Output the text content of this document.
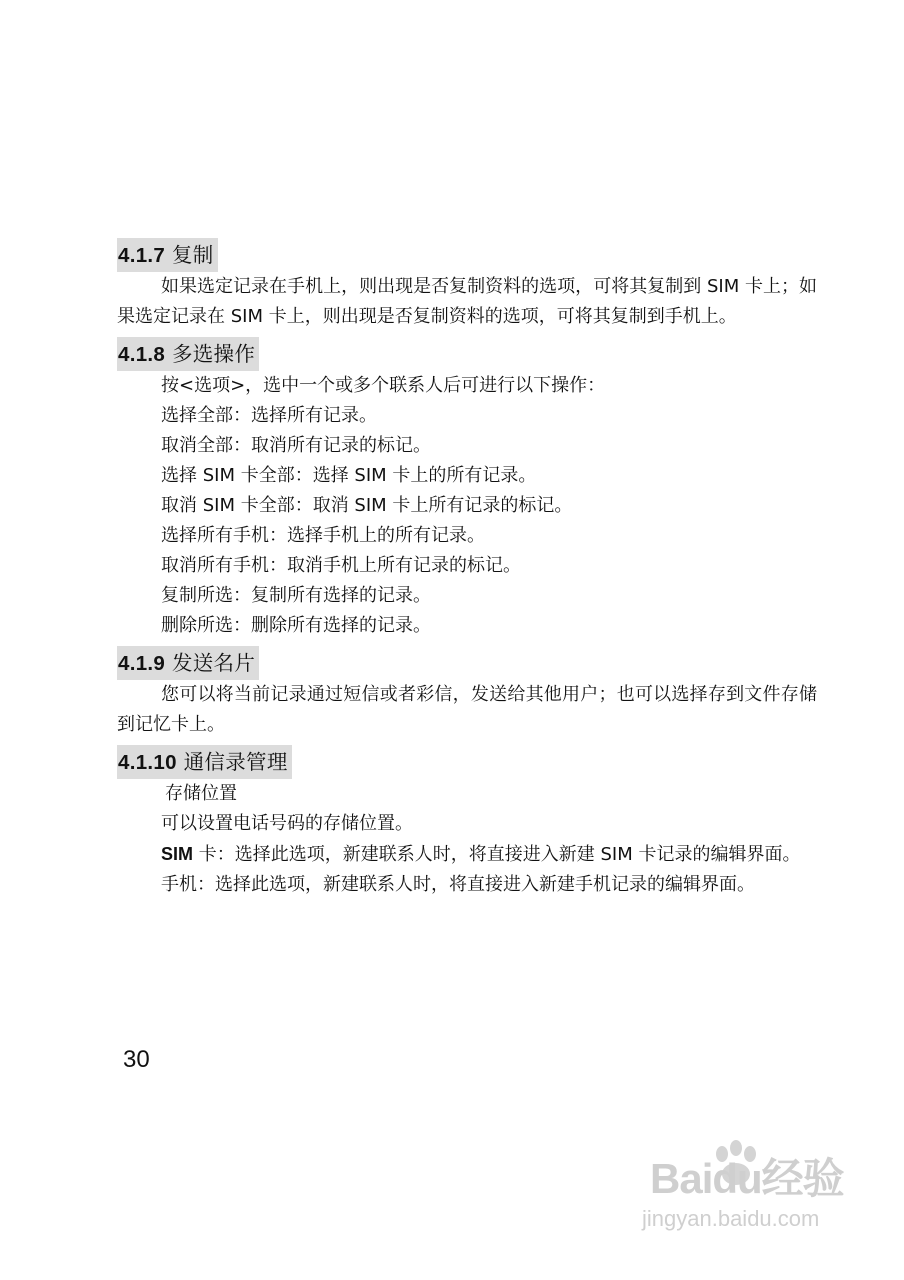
4.1.7 复制

如果选定记录在手机上，则出现是否复制资料的选项，可将其复制到 SIM 卡上；如果选定记录在 SIM 卡上，则出现是否复制资料的选项，可将其复制到手机上。

4.1.8 多选操作

按<选项>，选中一个或多个联系人后可进行以下操作：

选择全部：选择所有记录。

取消全部：取消所有记录的标记。

选择 SIM 卡全部：选择 SIM 卡上的所有记录。

取消 SIM 卡全部：取消 SIM 卡上所有记录的标记。

选择所有手机：选择手机上的所有记录。

取消所有手机：取消手机上所有记录的标记。

复制所选：复制所有选择的记录。

删除所选：删除所有选择的记录。

4.1.9 发送名片

您可以将当前记录通过短信或者彩信，发送给其他用户；也可以选择存到文件存储到记忆卡上。

4.1.10 通信录管理

存储位置

可以设置电话号码的存储位置。

SIM 卡：选择此选项，新建联系人时，将直接进入新建 SIM 卡记录的编辑界面。

手机：选择此选项，新建联系人时，将直接进入新建手机记录的编辑界面。

30
Baidu经验
jingyan.baidu.com
